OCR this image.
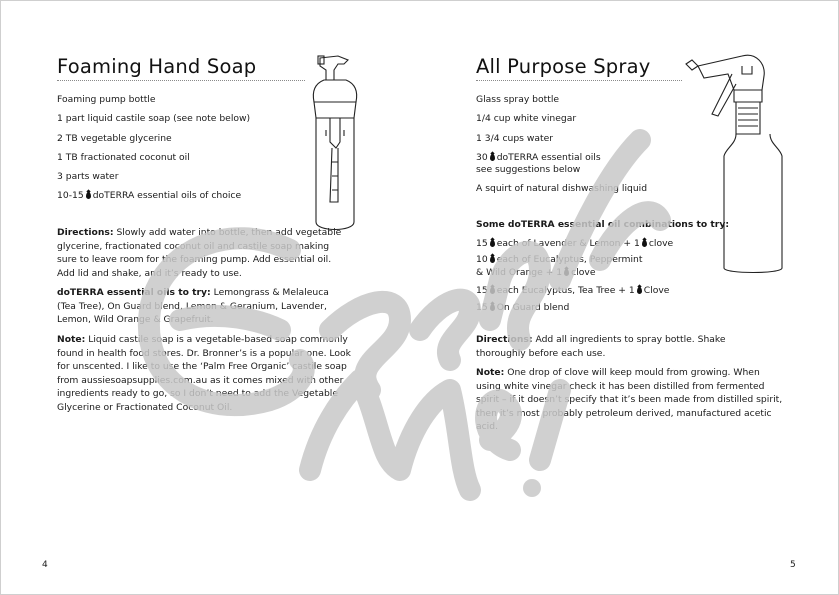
Foaming Hand Soap
Foaming pump bottle
1 part liquid castile soap (see note below)
2 TB vegetable glycerine
1 TB fractionated coconut oil
3 parts water
10-15 doTERRA essential oils of choice
Directions: Slowly add water into bottle, then add vegetable glycerine, fractionated coconut oil and castile soap making sure to leave room for the foaming pump. Add essential oil. Add lid and shake, and it’s ready to use.
doTERRA essential oils to try: Lemongrass & Melaleuca (Tea Tree), On Guard blend, Lemon & Geranium, Lavender, Lemon, Wild Orange & Grapefruit.
Note: Liquid castile soap is a vegetable-based soap commonly found in health food stores. Dr. Bronner’s is a popular one. Look for unscented. I like to use the ‘Palm Free Organic’ castile soap from aussiesoapsupplies.com.au as it comes mixed with other ingredients ready to go, so I don’t need to add the Vegetable Glycerine or Fractionated Coconut Oil.
4
All Purpose Spray
Glass spray bottle
1/4 cup white vinegar
1 3/4 cups water
30 doTERRA essential oils
see suggestions below
A squirt of natural dishwashing liquid
Some doTERRA essential oil combinations to try:
15 each of Lavender & Lemon + 1 clove
10 each of Eucalyptus, Peppermint
& Wild Orange + 1 clove
15 each Eucalyptus, Tea Tree + 1 Clove
15 On Guard blend
Directions: Add all ingredients to spray bottle. Shake thoroughly before each use.
Note: One drop of clove will keep mould from growing. When using white vinegar check it has been distilled from fermented spirit – if it doesn’t specify that it’s been made from distilled spirit, then it’s most probably petroleum derived, manufactured acetic acid.
5
